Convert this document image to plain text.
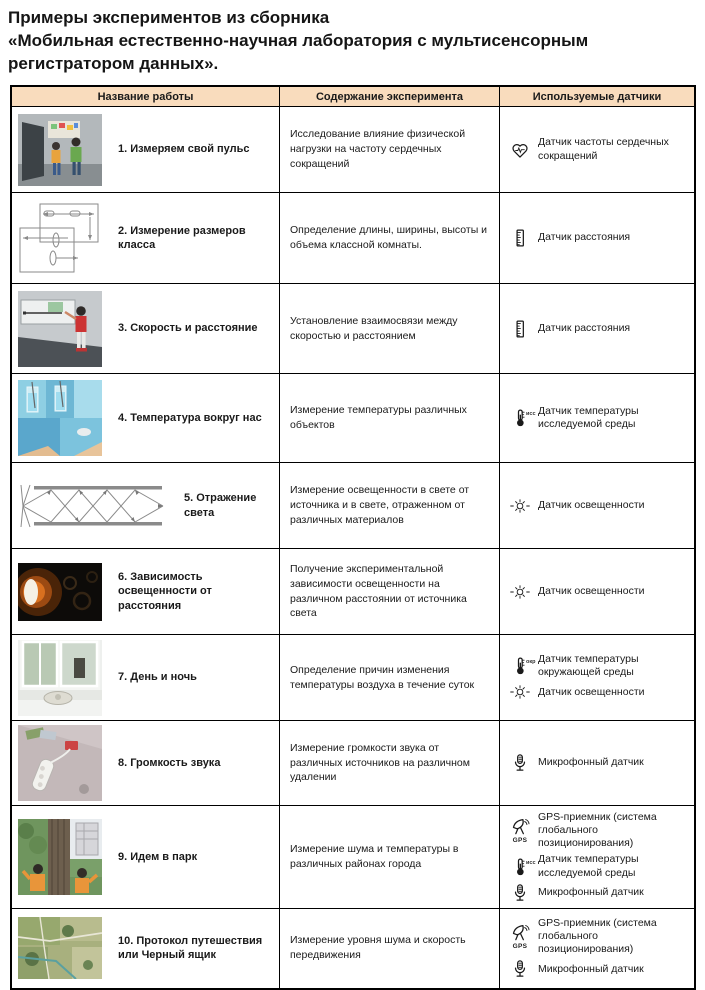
Примеры экспериментов из сборника
«Мобильная естественно-научная лаборатория с мультисенсорным
регистратором данных».
Название работы	Содержание эксперимента	Используемые датчики
1. Измеряем свой пульс
Исследование влияние физической нагрузки на частоту сердечных сокращений
Датчик частоты сердечных сокращений
2. Измерение размеров класса
Определение длины, ширины, высоты и объема классной комнаты.
Датчик расстояния
3. Скорость и расстояние
Установление взаимосвязи между скоростью и расстоянием
Датчик расстояния
4. Температура вокруг нас
Измерение температуры различных объектов
исс Датчик температуры исследуемой среды
5. Отражение света
Измерение освещенности в свете от источника и в свете, отраженном от различных материалов
Датчик освещенности
6. Зависимость освещенности от расстояния
Получение экспериментальной зависимости освещенности на различном расстоянии от источника света
Датчик освещенности
7. День и ночь
Определение причин изменения температуры воздуха в течение суток
окр Датчик температуры окружающей среды
Датчик освещенности
8. Громкость звука
Измерение громкости звука от различных источников на различном удалении
Микрофонный датчик
9. Идем в парк
Измерение шума и температуры в различных районах города
GPS
GPS-приемник (система глобального позиционирования)
исс Датчик температуры исследуемой среды
Микрофонный датчик
10. Протокол путешествия или Черный ящик
Измерение уровня шума и скорость передвижения
GPS
GPS-приемник (система глобального позиционирования)
Микрофонный датчик
